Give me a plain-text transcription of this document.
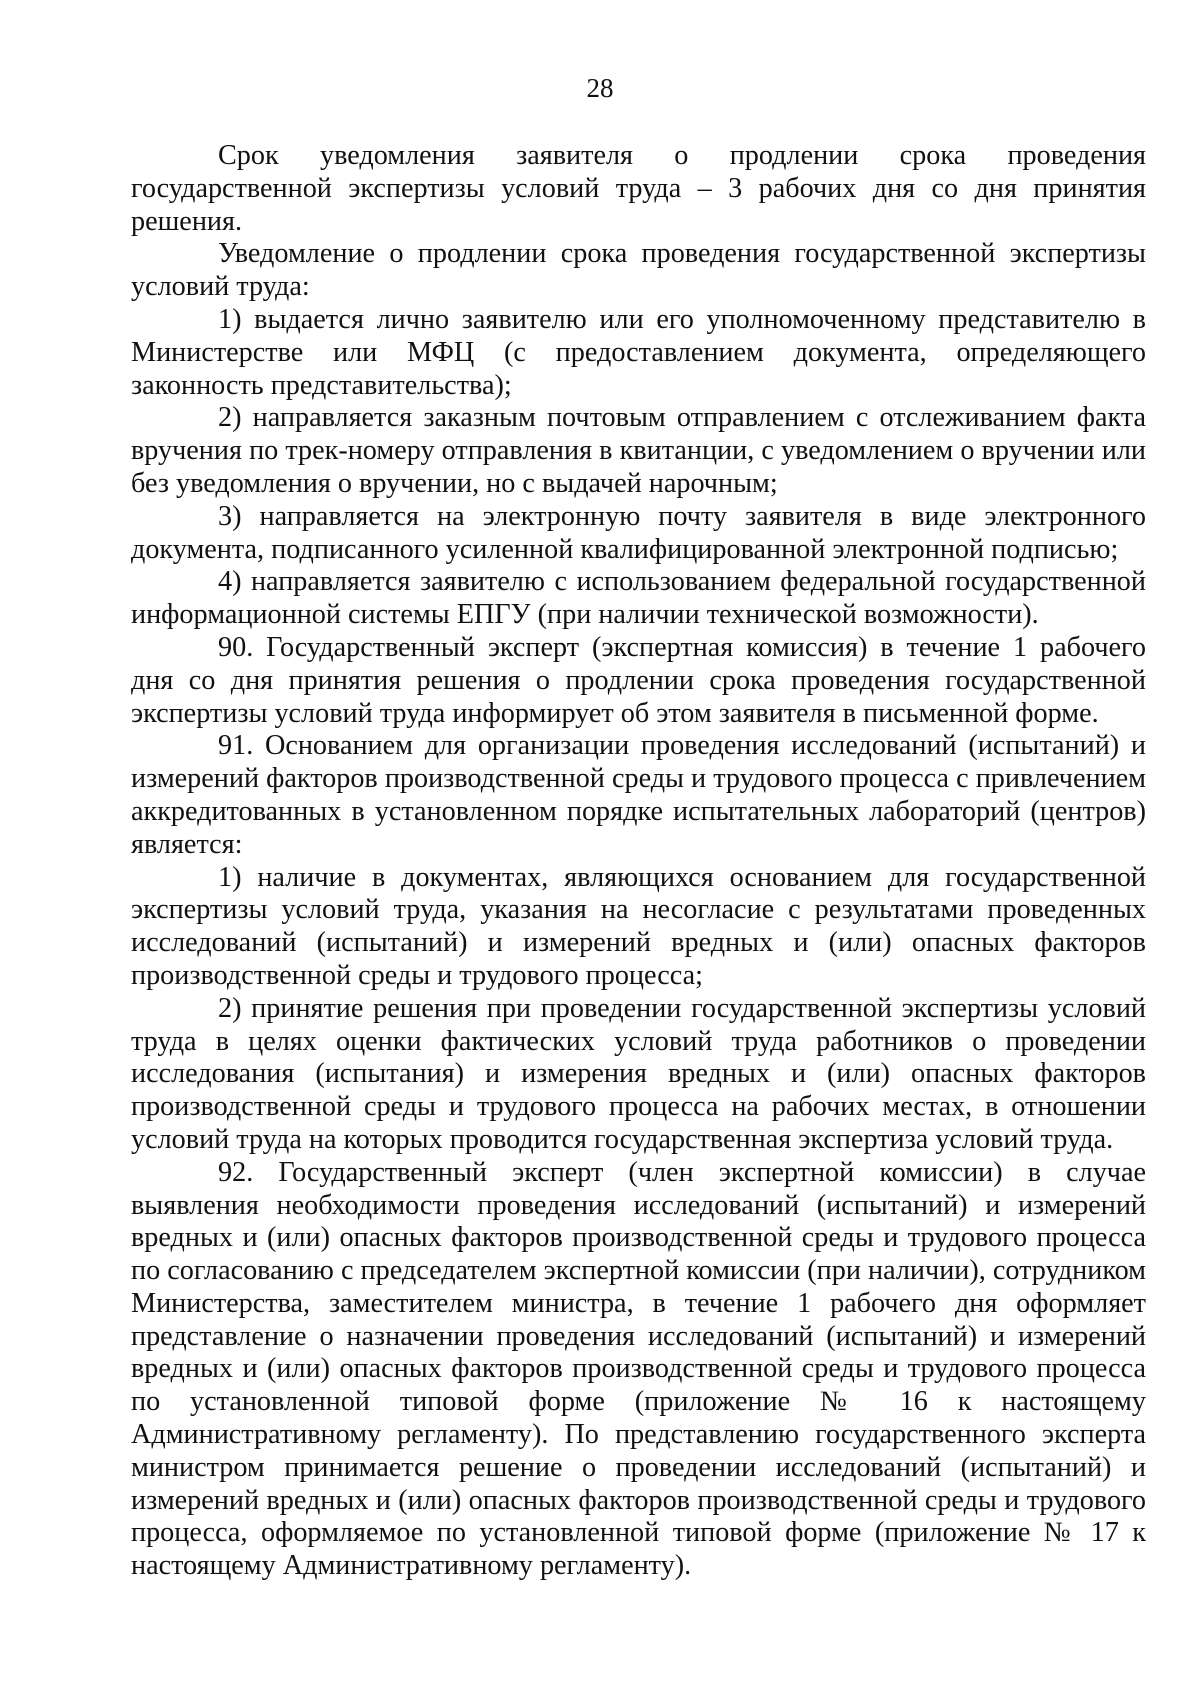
28

Срок уведомления заявителя о продлении срока проведения государственной экспертизы условий труда – 3 рабочих дня со дня принятия решения.

Уведомление о продлении срока проведения государственной экспертизы условий труда:

1) выдается лично заявителю или его уполномоченному представителю в Министерстве или МФЦ (с предоставлением документа, определяющего законность представительства);

2) направляется заказным почтовым отправлением с отслеживанием факта вручения по трек-номеру отправления в квитанции, с уведомлением о вручении или без уведомления о вручении, но с выдачей нарочным;

3) направляется на электронную почту заявителя в виде электронного документа, подписанного усиленной квалифицированной электронной подписью;

4) направляется заявителю с использованием федеральной государственной информационной системы ЕПГУ (при наличии технической возможности).

90. Государственный эксперт (экспертная комиссия) в течение 1 рабочего дня со дня принятия решения о продлении срока проведения государственной экспертизы условий труда информирует об этом заявителя в письменной форме.

91. Основанием для организации проведения исследований (испытаний) и измерений факторов производственной среды и трудового процесса с привлечением аккредитованных в установленном порядке испытательных лабораторий (центров) является:

1) наличие в документах, являющихся основанием для государственной экспертизы условий труда, указания на несогласие с результатами проведенных исследований (испытаний) и измерений вредных и (или) опасных факторов производственной среды и трудового процесса;

2) принятие решения при проведении государственной экспертизы условий труда в целях оценки фактических условий труда работников о проведении исследования (испытания) и измерения вредных и (или) опасных факторов производственной среды и трудового процесса на рабочих местах, в отношении условий труда на которых проводится государственная экспертиза условий труда.

92. Государственный эксперт (член экспертной комиссии) в случае выявления необходимости проведения исследований (испытаний) и измерений вредных и (или) опасных факторов производственной среды и трудового процесса по согласованию с председателем экспертной комиссии (при наличии), сотрудником Министерства, заместителем министра, в течение 1 рабочего дня оформляет представление о назначении проведения исследований (испытаний) и измерений вредных и (или) опасных факторов производственной среды и трудового процесса по установленной типовой форме (приложение № 16 к настоящему Административному регламенту). По представлению государственного эксперта министром принимается решение о проведении исследований (испытаний) и измерений вредных и (или) опасных факторов производственной среды и трудового процесса, оформляемое по установленной типовой форме (приложение № 17 к настоящему Административному регламенту).
